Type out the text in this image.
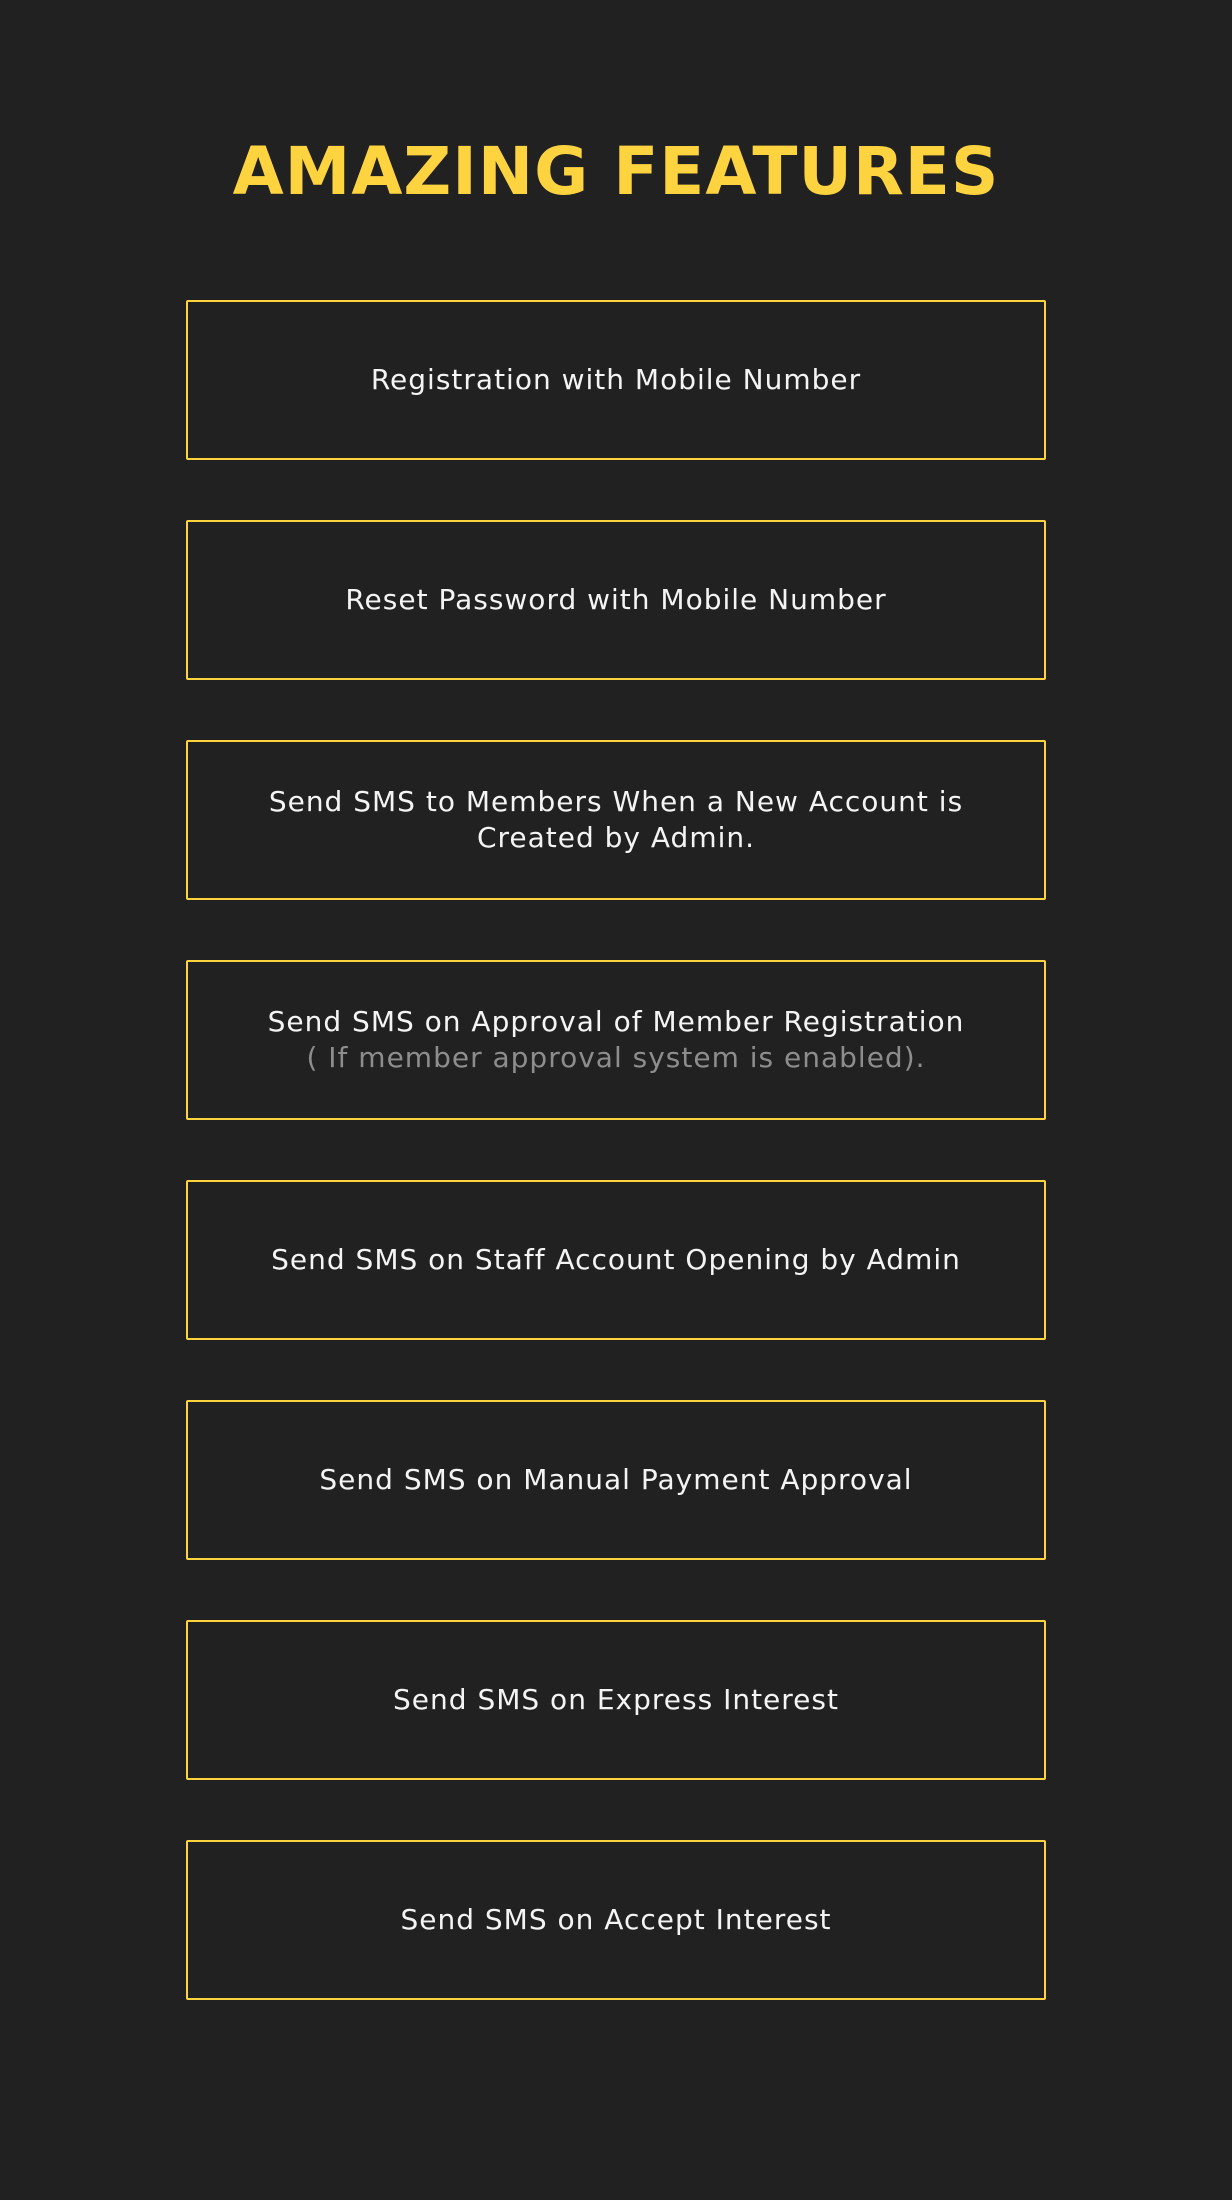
AMAZING FEATURES
Registration with Mobile Number
Reset Password with Mobile Number
Send SMS to Members When a New Account is
Created by Admin.
Send SMS on Approval of Member Registration
( If member approval system is enabled).
Send SMS on Staff Account Opening by Admin
Send SMS on Manual Payment Approval
Send SMS on Express Interest
Send SMS on Accept Interest
